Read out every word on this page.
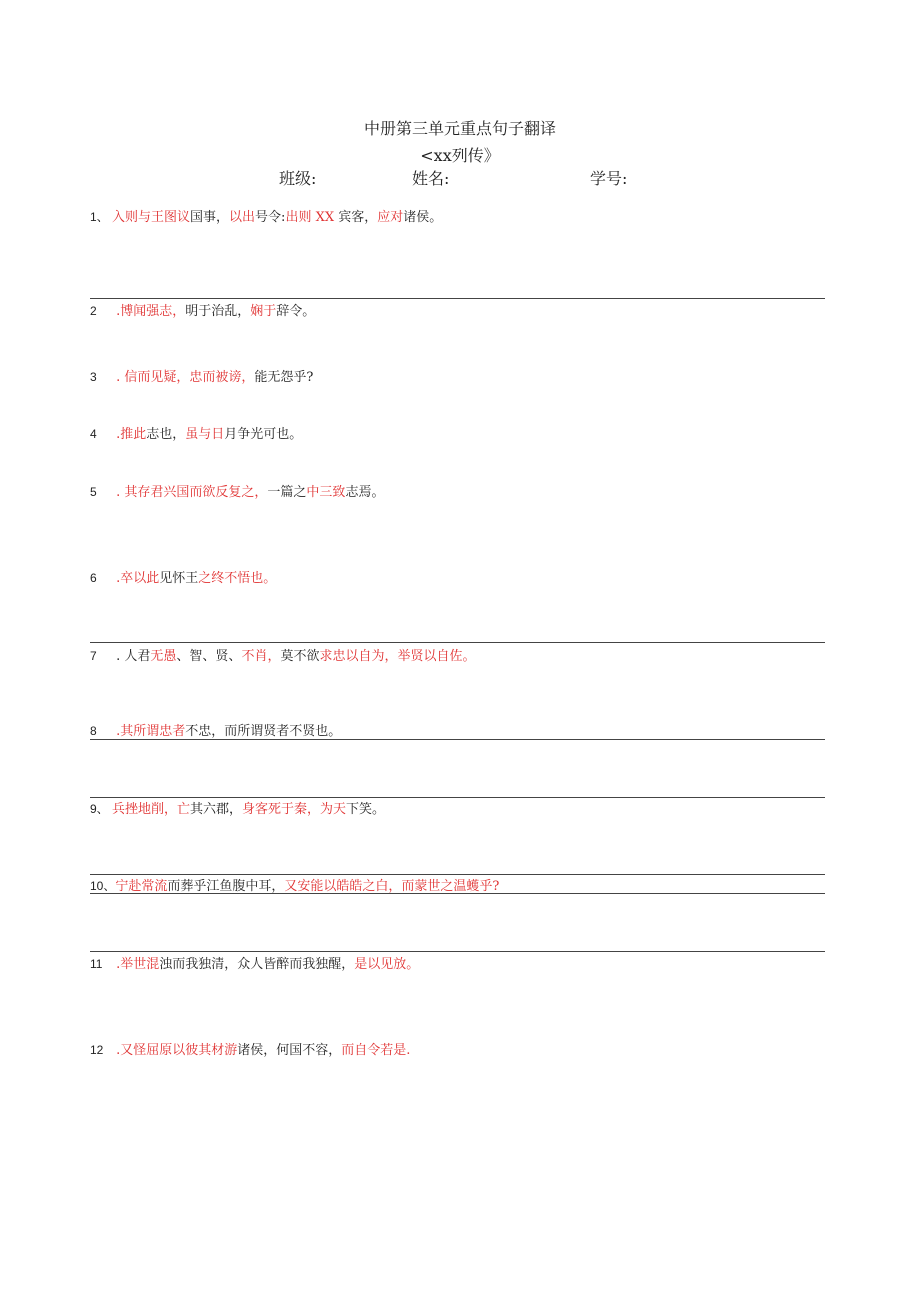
中册第三单元重点句子翻译
<xx列传》
班级:	姓名:	学号:
1、 入则与王图议国事，以出号令:出则 XX 宾客，应对诸侯。
2 .博闻强志，明于治乱，娴于辞令。
3 . 信而见疑，忠而被谤，能无怨乎?
4 .推此志也，虽与日月争光可也。
5 . 其存君兴国而欲反复之，一篇之中三致志焉。
6 .卒以此见怀王之终不悟也。
7 . 人君无愚、智、贤、不肖，莫不欲求忠以自为，举贤以自佐。
8 .其所谓忠者不忠，而所谓贤者不贤也。
9、 兵挫地削，亡其六郡，身客死于秦，为天下笑。
10、宁赴常流而葬乎江鱼腹中耳，又安能以皓皓之白，而蒙世之温蠖乎?
11 .举世混浊而我独清，众人皆醉而我独醒，是以见放。
12 .又怪屈原以彼其材游诸侯，何国不容，而自令若是.
